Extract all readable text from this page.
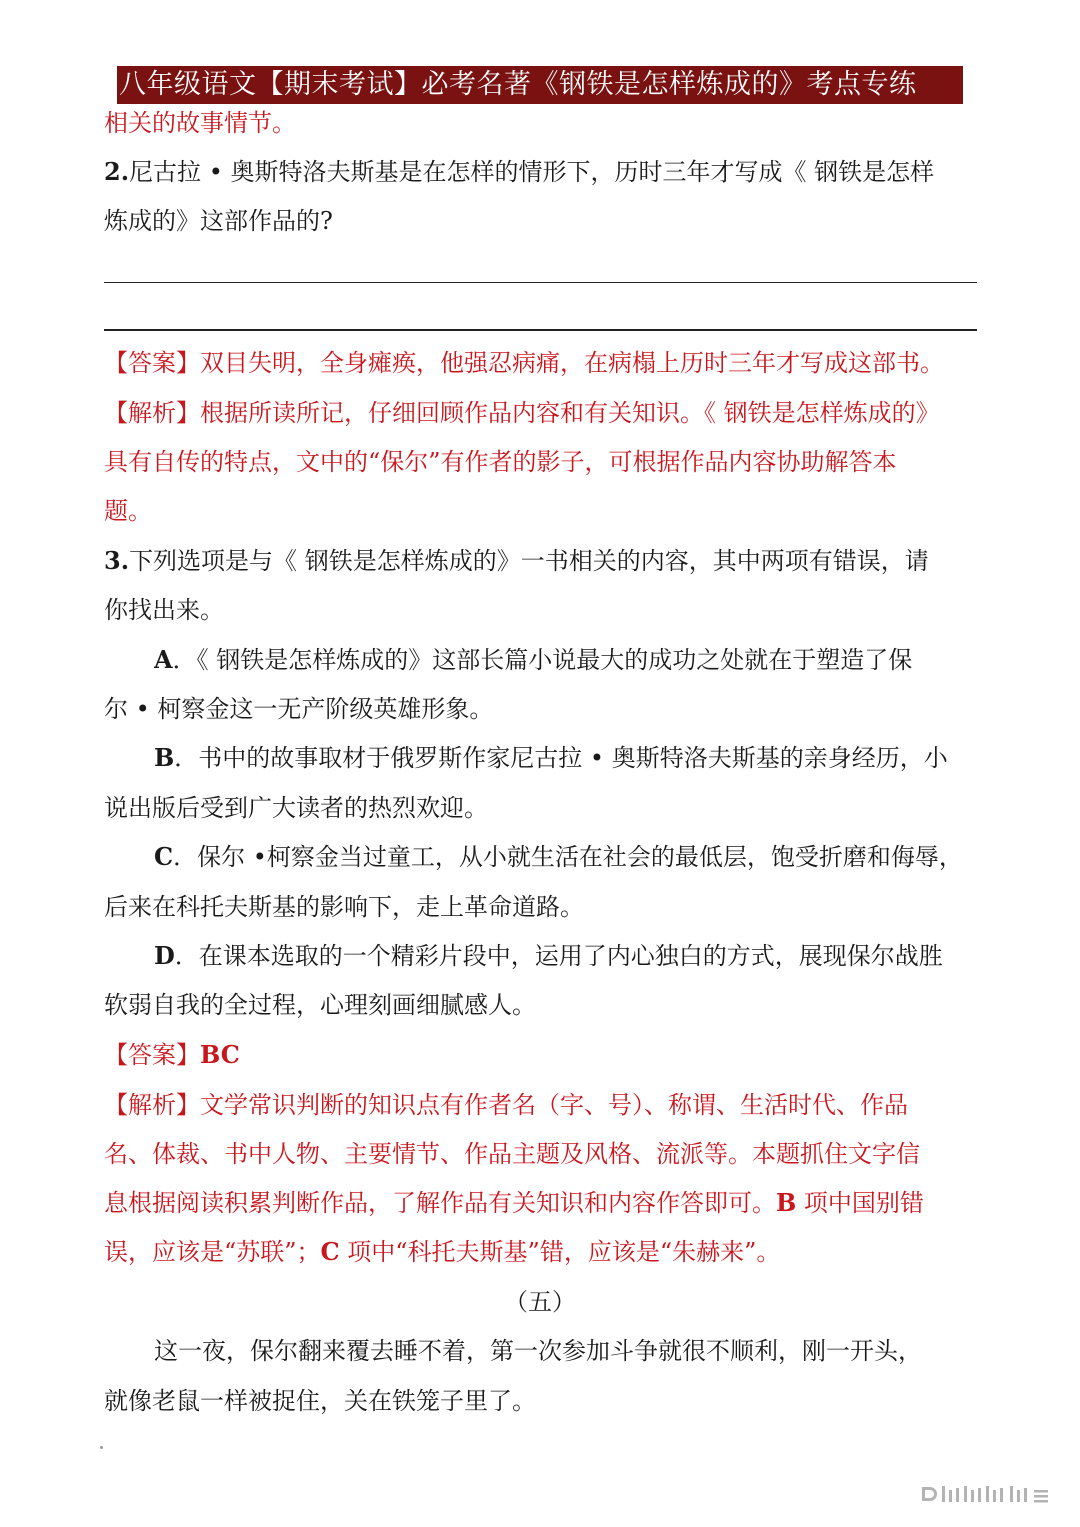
八年级语文【期末考试】必考名著《钢铁是怎样炼成的》考点专练
相关的故事情节。
2.尼古拉 • 奥斯特洛夫斯基是在怎样的情形下，历时三年才写成《 钢铁是怎样
炼成的》这部作品的?
【答案】双目失明，全身瘫痪，他强忍病痛，在病榻上历时三年才写成这部书。
【解析】根据所读所记，仔细回顾作品内容和有关知识。《 钢铁是怎样炼成的》
具有自传的特点，文中的“保尔”有作者的影子，可根据作品内容协助解答本
题。
3.下列选项是与《 钢铁是怎样炼成的》一书相关的内容，其中两项有错误，请
你找出来。
A．《 钢铁是怎样炼成的》这部长篇小说最大的成功之处就在于塑造了保
尔 • 柯察金这一无产阶级英雄形象。
B．书中的故事取材于俄罗斯作家尼古拉 • 奥斯特洛夫斯基的亲身经历，小
说出版后受到广大读者的热烈欢迎。
C．保尔 •柯察金当过童工，从小就生活在社会的最低层，饱受折磨和侮辱，
后来在科托夫斯基的影响下，走上革命道路。
D．在课本选取的一个精彩片段中，运用了内心独白的方式，展现保尔战胜
软弱自我的全过程，心理刻画细腻感人。
【答案】BC
【解析】文学常识判断的知识点有作者名（字、号）、称谓、生活时代、作品
名、体裁、书中人物、主要情节、作品主题及风格、流派等。本题抓住文字信
息根据阅读积累判断作品，了解作品有关知识和内容作答即可。B 项中国别错
误，应该是“苏联”；C 项中“科托夫斯基”错，应该是“朱赫来”。
（五）
这一夜，保尔翻来覆去睡不着，第一次参加斗争就很不顺利，刚一开头，
就像老鼠一样被捉住，关在铁笼子里了。
